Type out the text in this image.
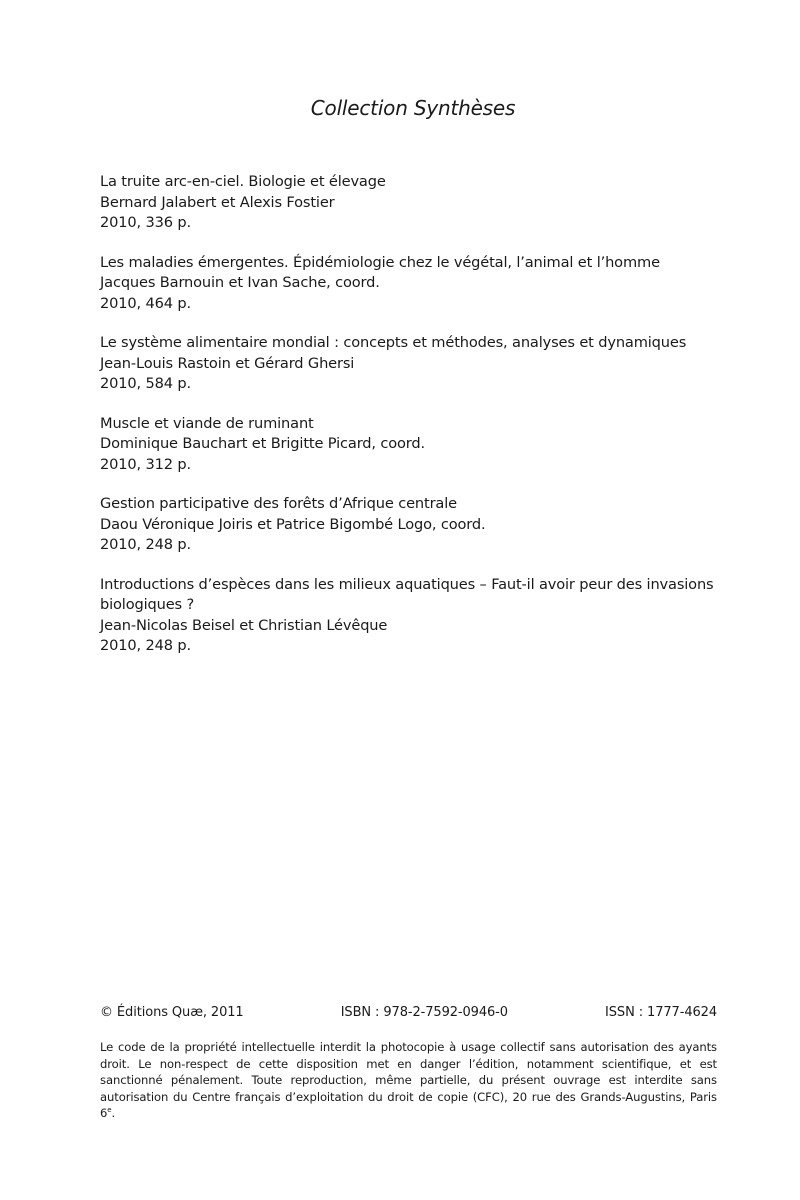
Collection Synthèses
La truite arc-en-ciel. Biologie et élevage
Bernard Jalabert et Alexis Fostier
2010, 336 p.
Les maladies émergentes. Épidémiologie chez le végétal, l’animal et l’homme
Jacques Barnouin et Ivan Sache, coord.
2010, 464 p.
Le système alimentaire mondial : concepts et méthodes, analyses et dynamiques
Jean-Louis Rastoin et Gérard Ghersi
2010, 584 p.
Muscle et viande de ruminant
Dominique Bauchart et Brigitte Picard, coord.
2010, 312 p.
Gestion participative des forêts d’Afrique centrale
Daou Véronique Joiris et Patrice Bigombé Logo, coord.
2010, 248 p.
Introductions d’espèces dans les milieux aquatiques – Faut-il avoir peur des invasions biologiques ?
Jean-Nicolas Beisel et Christian Lévêque
2010, 248 p.
© Éditions Quæ, 2011	ISBN : 978-2-7592-0946-0	ISSN : 1777-4624
Le code de la propriété intellectuelle interdit la photocopie à usage collectif sans autorisation des ayants droit. Le non-respect de cette disposition met en danger l’édition, notamment scientifique, et est sanctionné pénalement. Toute reproduction, même partielle, du présent ouvrage est interdite sans autorisation du Centre français d’exploitation du droit de copie (CFC), 20 rue des Grands-Augustins, Paris 6e.
